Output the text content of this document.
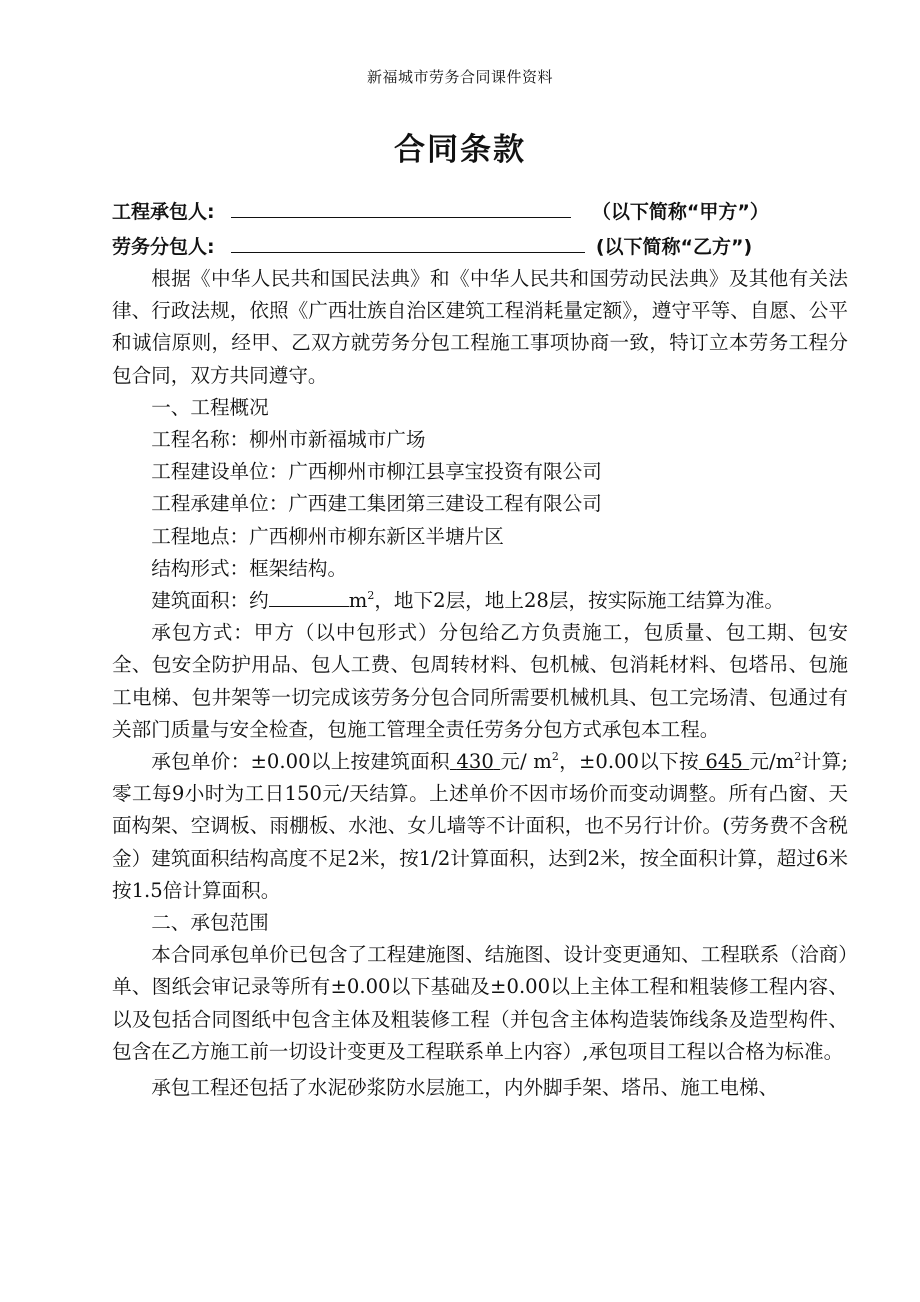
新福城市劳务合同课件资料
合同条款
工程承包人:	（以下简称“甲方”）
劳务分包人:	(以下简称“乙方”)

根据《中华人民共和国民法典》和《中华人民共和国劳动民法典》及其他有关法律、行政法规，依照《广西壮族自治区建筑工程消耗量定额》，遵守平等、自愿、公平和诚信原则，经甲、乙双方就劳务分包工程施工事项协商一致，特订立本劳务工程分包合同，双方共同遵守。

一、工程概况

工程名称：柳州市新福城市广场

工程建设单位：广西柳州市柳江县享宝投资有限公司

工程承建单位：广西建工集团第三建设工程有限公司

工程地点：广西柳州市柳东新区半塘片区

结构形式：框架结构。

建筑面积：约	$m^2$，地下2层，地上28层，按实际施工结算为准。

承包方式：甲方（以中包形式）分包给乙方负责施工，包质量、包工期、包安全、包安全防护用品、包人工费、包周转材料、包机械、包消耗材料、包塔吊、包施工电梯、包井架等一切完成该劳务分包合同所需要机械机具、包工完场清、包通过有关部门质量与安全检查，包施工管理全责任劳务分包方式承包本工程。

承包单价：±0.00以上按建筑面积 430 元/ $m^2$，±0.00以下按 645 元$/m^2$计算;零工每9小时为工日150元/天结算。上述单价不因市场价而变动调整。所有凸窗、天面构架、空调板、雨棚板、水池、女儿墙等不计面积，也不另行计价。(劳务费不含税金）建筑面积结构高度不足2米，按1/2计算面积，达到2米，按全面积计算，超过6米按1.5倍计算面积。

二、承包范围

本合同承包单价已包含了工程建施图、结施图、设计变更通知、工程联系（洽商）单、图纸会审记录等所有±0.00以下基础及±0.00以上主体工程和粗装修工程内容、以及包括合同图纸中包含主体及粗装修工程（并包含主体构造装饰线条及造型构件、包含在乙方施工前一切设计变更及工程联系单上内容）,承包项目工程以合格为标准。

承包工程还包括了水泥砂浆防水层施工，内外脚手架、塔吊、施工电梯、
